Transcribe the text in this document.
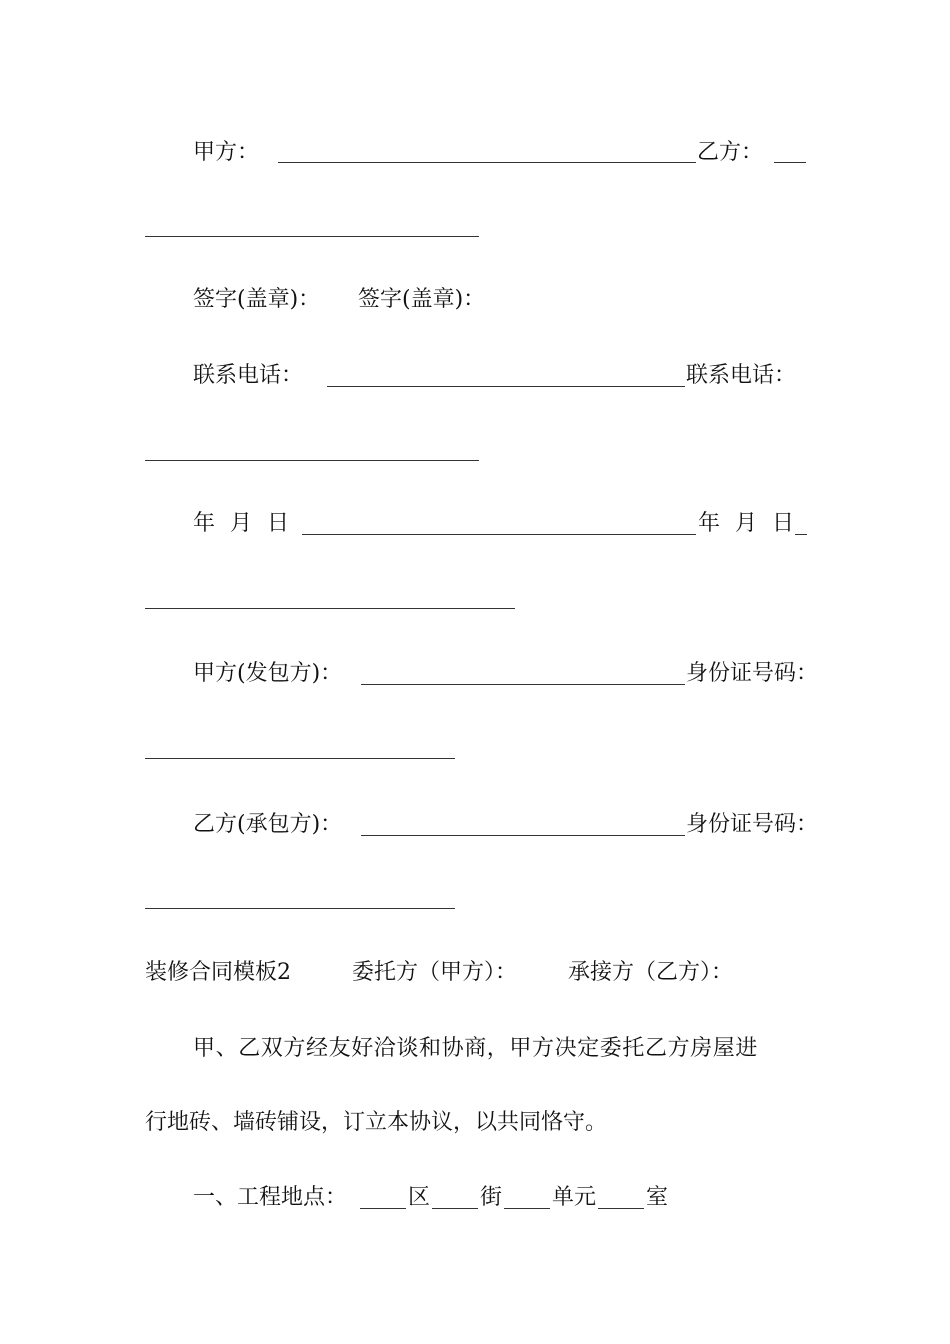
甲方：	乙方：
签字(盖章)： 签字(盖章)：
联系电话：	联系电话：
年 月 日	年 月 日
甲方(发包方)：	身份证号码：
乙方(承包方)：	身份证号码：
装修合同模板2	委托方（甲方）： 承接方（乙方）：
甲、乙双方经友好洽谈和协商，甲方决定委托乙方房屋进
行地砖、墙砖铺设，订立本协议，以共同恪守。
一、工程地点：	区 街 单元 室
